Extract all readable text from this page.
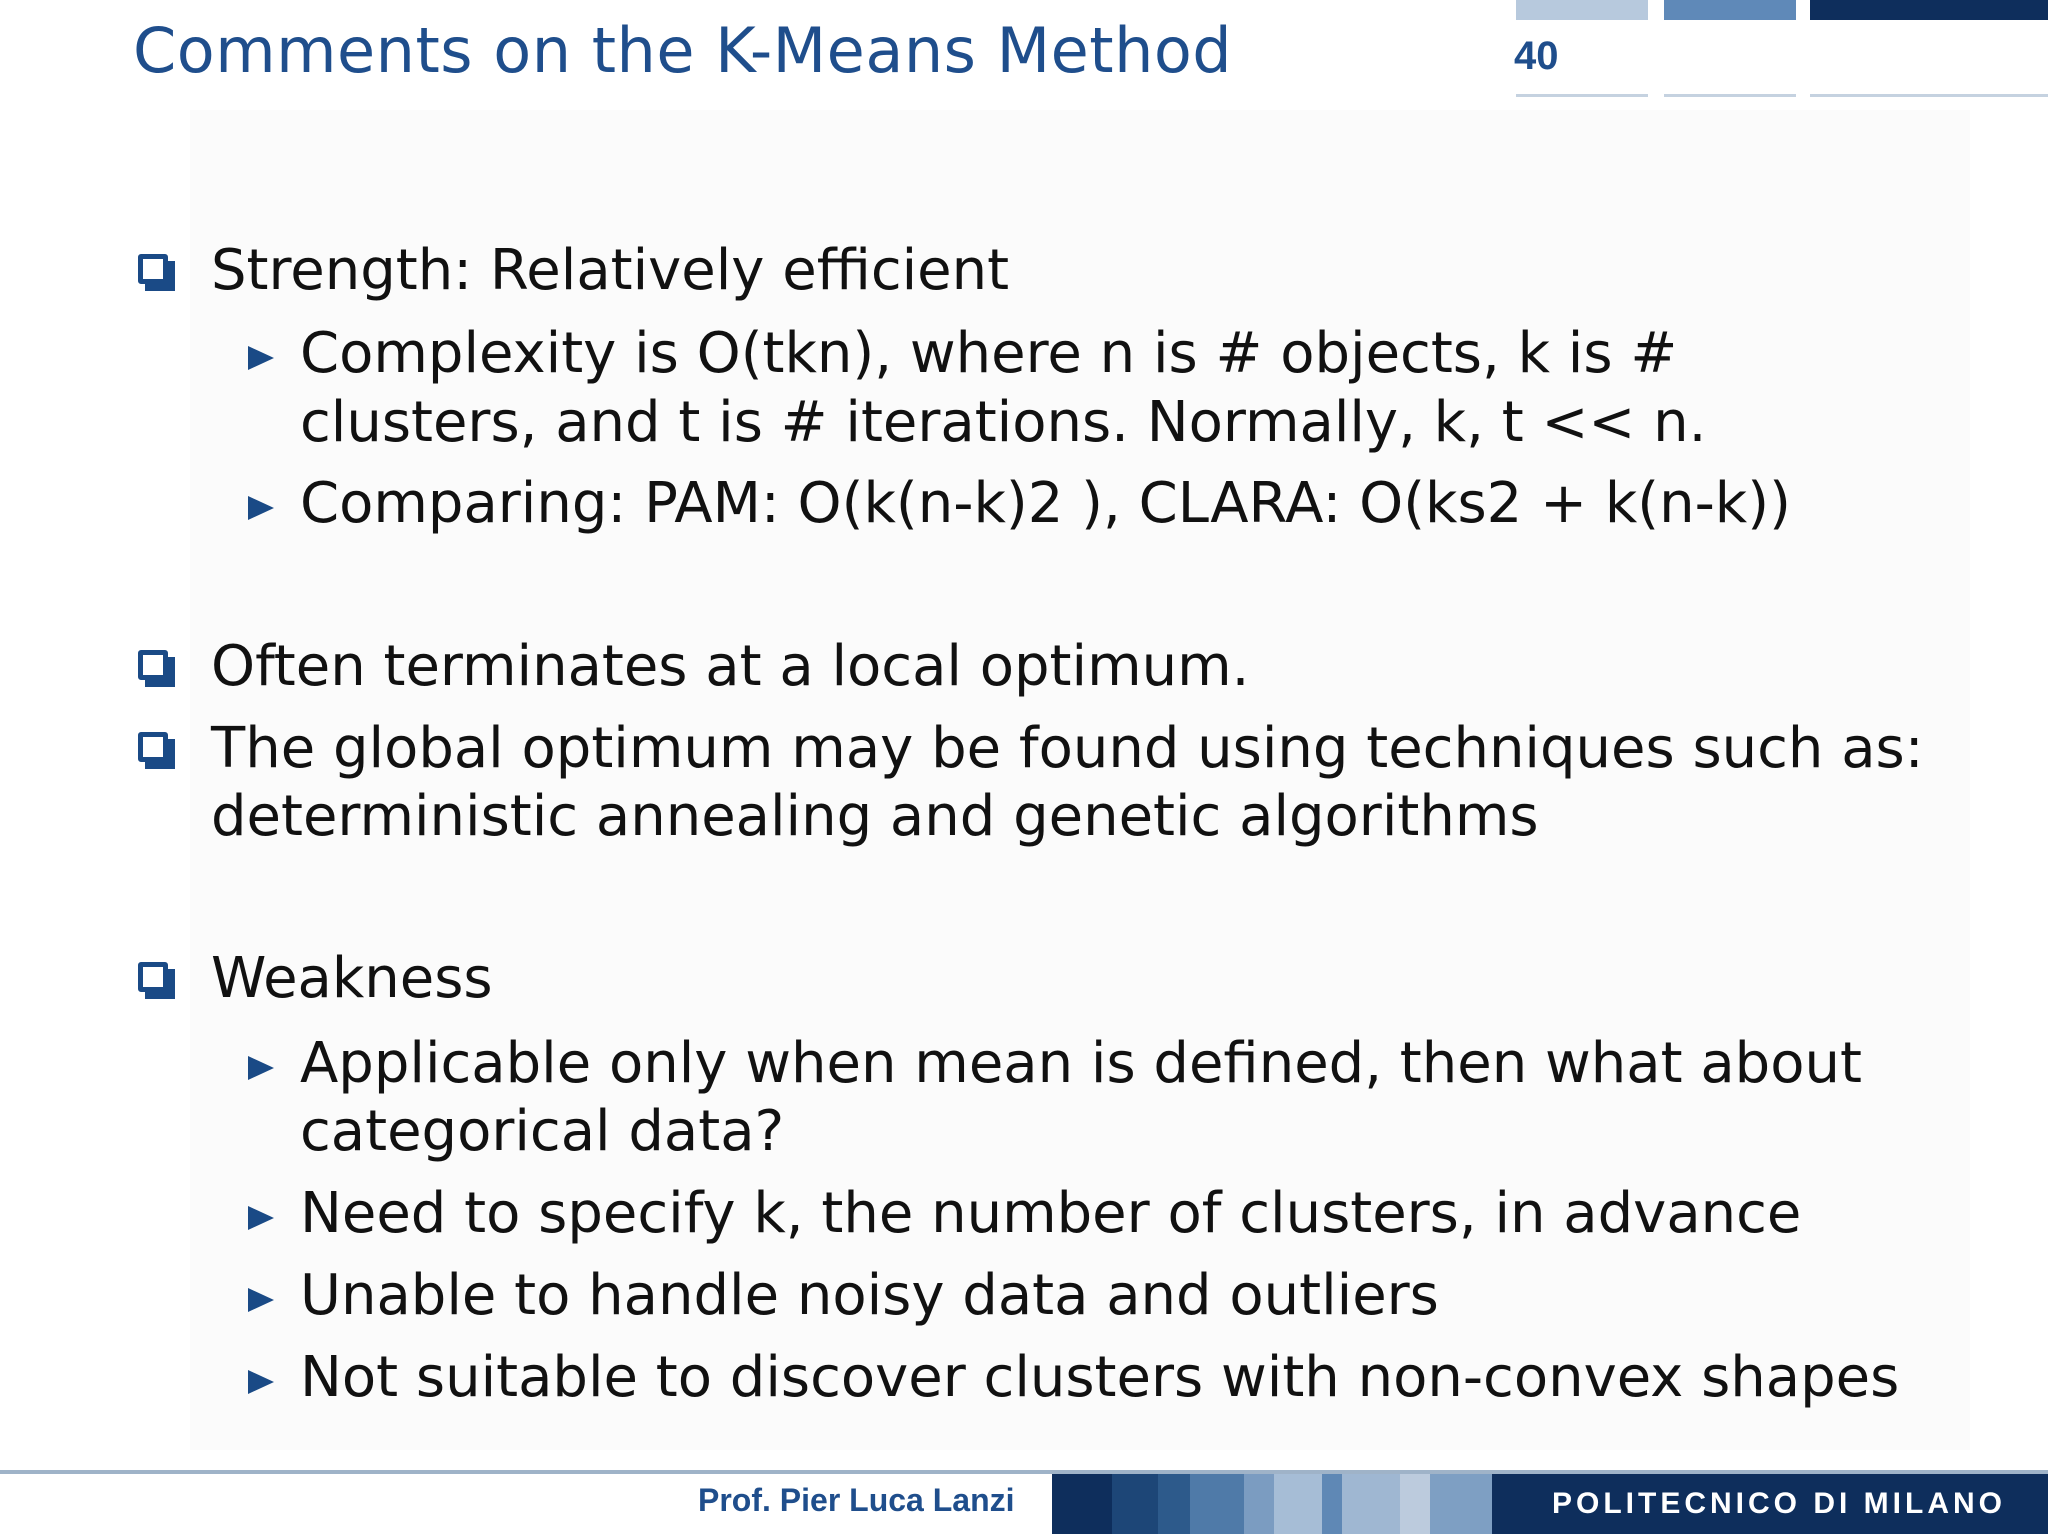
Comments on the K-Means Method	40
Strength: Relatively efficient
Complexity is O(tkn), where n is # objects, k is #
clusters, and t is # iterations. Normally, k, t << n.
Comparing: PAM: O(k(n-k)2 ), CLARA: O(ks2 + k(n-k))
Often terminates at a local optimum.
The global optimum may be found using techniques such as:
deterministic annealing and genetic algorithms
Weakness
Applicable only when mean is defined, then what about
categorical data?
Need to specify k, the number of clusters, in advance
Unable to handle noisy data and outliers
Not suitable to discover clusters with non-convex shapes
Prof. Pier Luca Lanzi	POLITECNICO DI MILANO
